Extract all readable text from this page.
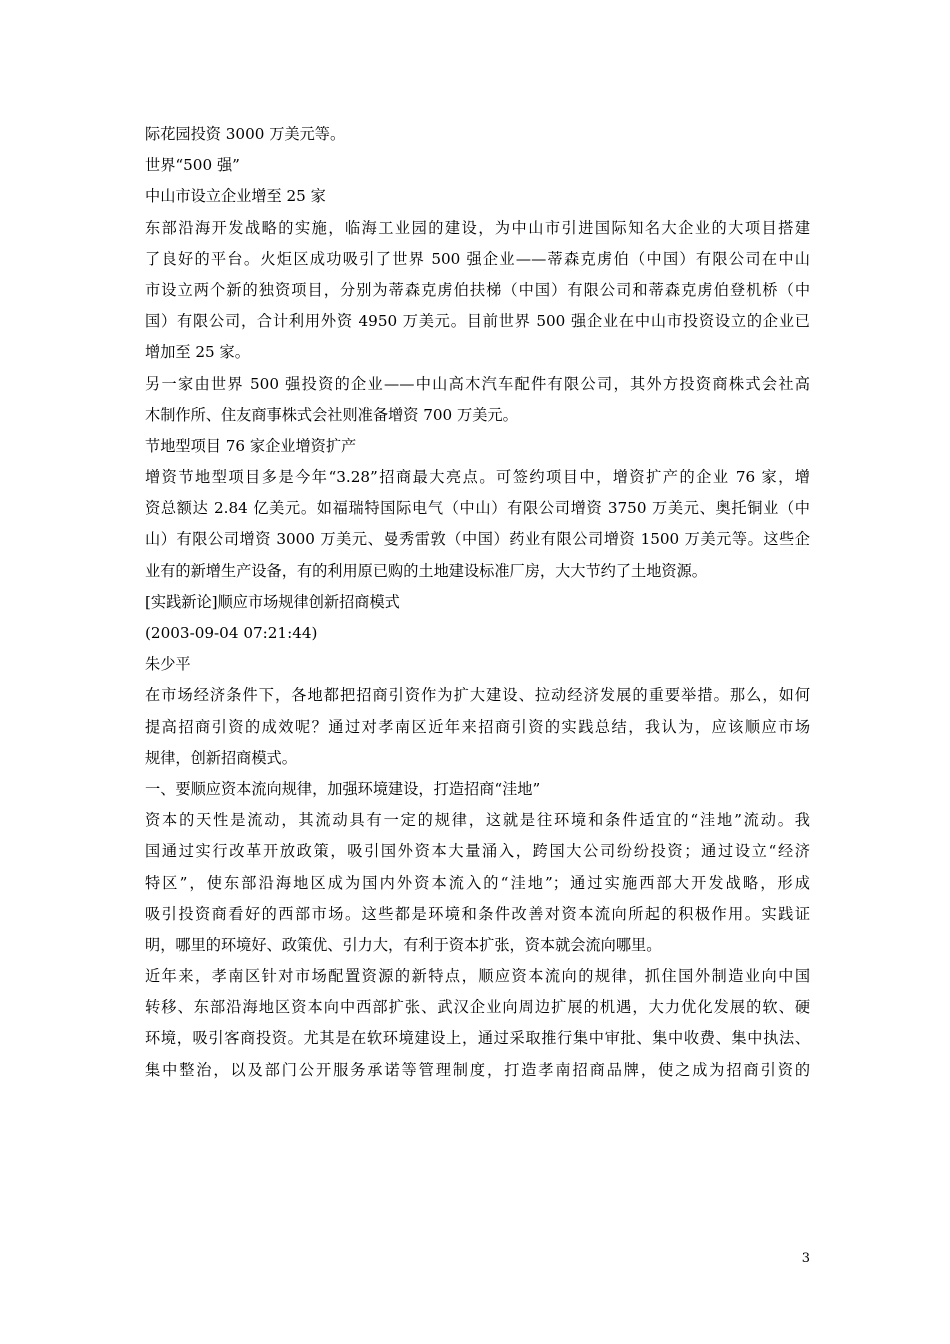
际花园投资 3000 万美元等。
世界“500 强”
中山市设立企业增至 25 家
东部沿海开发战略的实施，临海工业园的建设，为中山市引进国际知名大企业的大项目搭建
了良好的平台。火炬区成功吸引了世界 500 强企业——蒂森克虏伯（中国）有限公司在中山
市设立两个新的独资项目，分别为蒂森克虏伯扶梯（中国）有限公司和蒂森克虏伯登机桥（中
国）有限公司，合计利用外资 4950 万美元。目前世界 500 强企业在中山市投资设立的企业已
增加至 25 家。
另一家由世界 500 强投资的企业——中山高木汽车配件有限公司，其外方投资商株式会社高
木制作所、住友商事株式会社则准备增资 700 万美元。
节地型项目 76 家企业增资扩产
增资节地型项目多是今年“3.28”招商最大亮点。可签约项目中，增资扩产的企业 76 家，增
资总额达 2.84 亿美元。如福瑞特国际电气（中山）有限公司增资 3750 万美元、奥托铜业（中
山）有限公司增资 3000 万美元、曼秀雷敦（中国）药业有限公司增资 1500 万美元等。这些企
业有的新增生产设备，有的利用原已购的土地建设标准厂房，大大节约了土地资源。
[实践新论]顺应市场规律创新招商模式
(2003-09-04 07:21:44)
朱少平
在市场经济条件下，各地都把招商引资作为扩大建设、拉动经济发展的重要举措。那么，如何
提高招商引资的成效呢？通过对孝南区近年来招商引资的实践总结，我认为，应该顺应市场
规律，创新招商模式。
一、要顺应资本流向规律，加强环境建设，打造招商“洼地”
资本的天性是流动，其流动具有一定的规律，这就是往环境和条件适宜的“洼地”流动。我
国通过实行改革开放政策，吸引国外资本大量涌入，跨国大公司纷纷投资；通过设立“经济
特区”，使东部沿海地区成为国内外资本流入的“洼地”；通过实施西部大开发战略，形成
吸引投资商看好的西部市场。这些都是环境和条件改善对资本流向所起的积极作用。实践证
明，哪里的环境好、政策优、引力大，有利于资本扩张，资本就会流向哪里。
近年来，孝南区针对市场配置资源的新特点，顺应资本流向的规律，抓住国外制造业向中国
转移、东部沿海地区资本向中西部扩张、武汉企业向周边扩展的机遇，大力优化发展的软、硬
环境，吸引客商投资。尤其是在软环境建设上，通过采取推行集中审批、集中收费、集中执法、
集中整治，以及部门公开服务承诺等管理制度，打造孝南招商品牌，使之成为招商引资的
3
